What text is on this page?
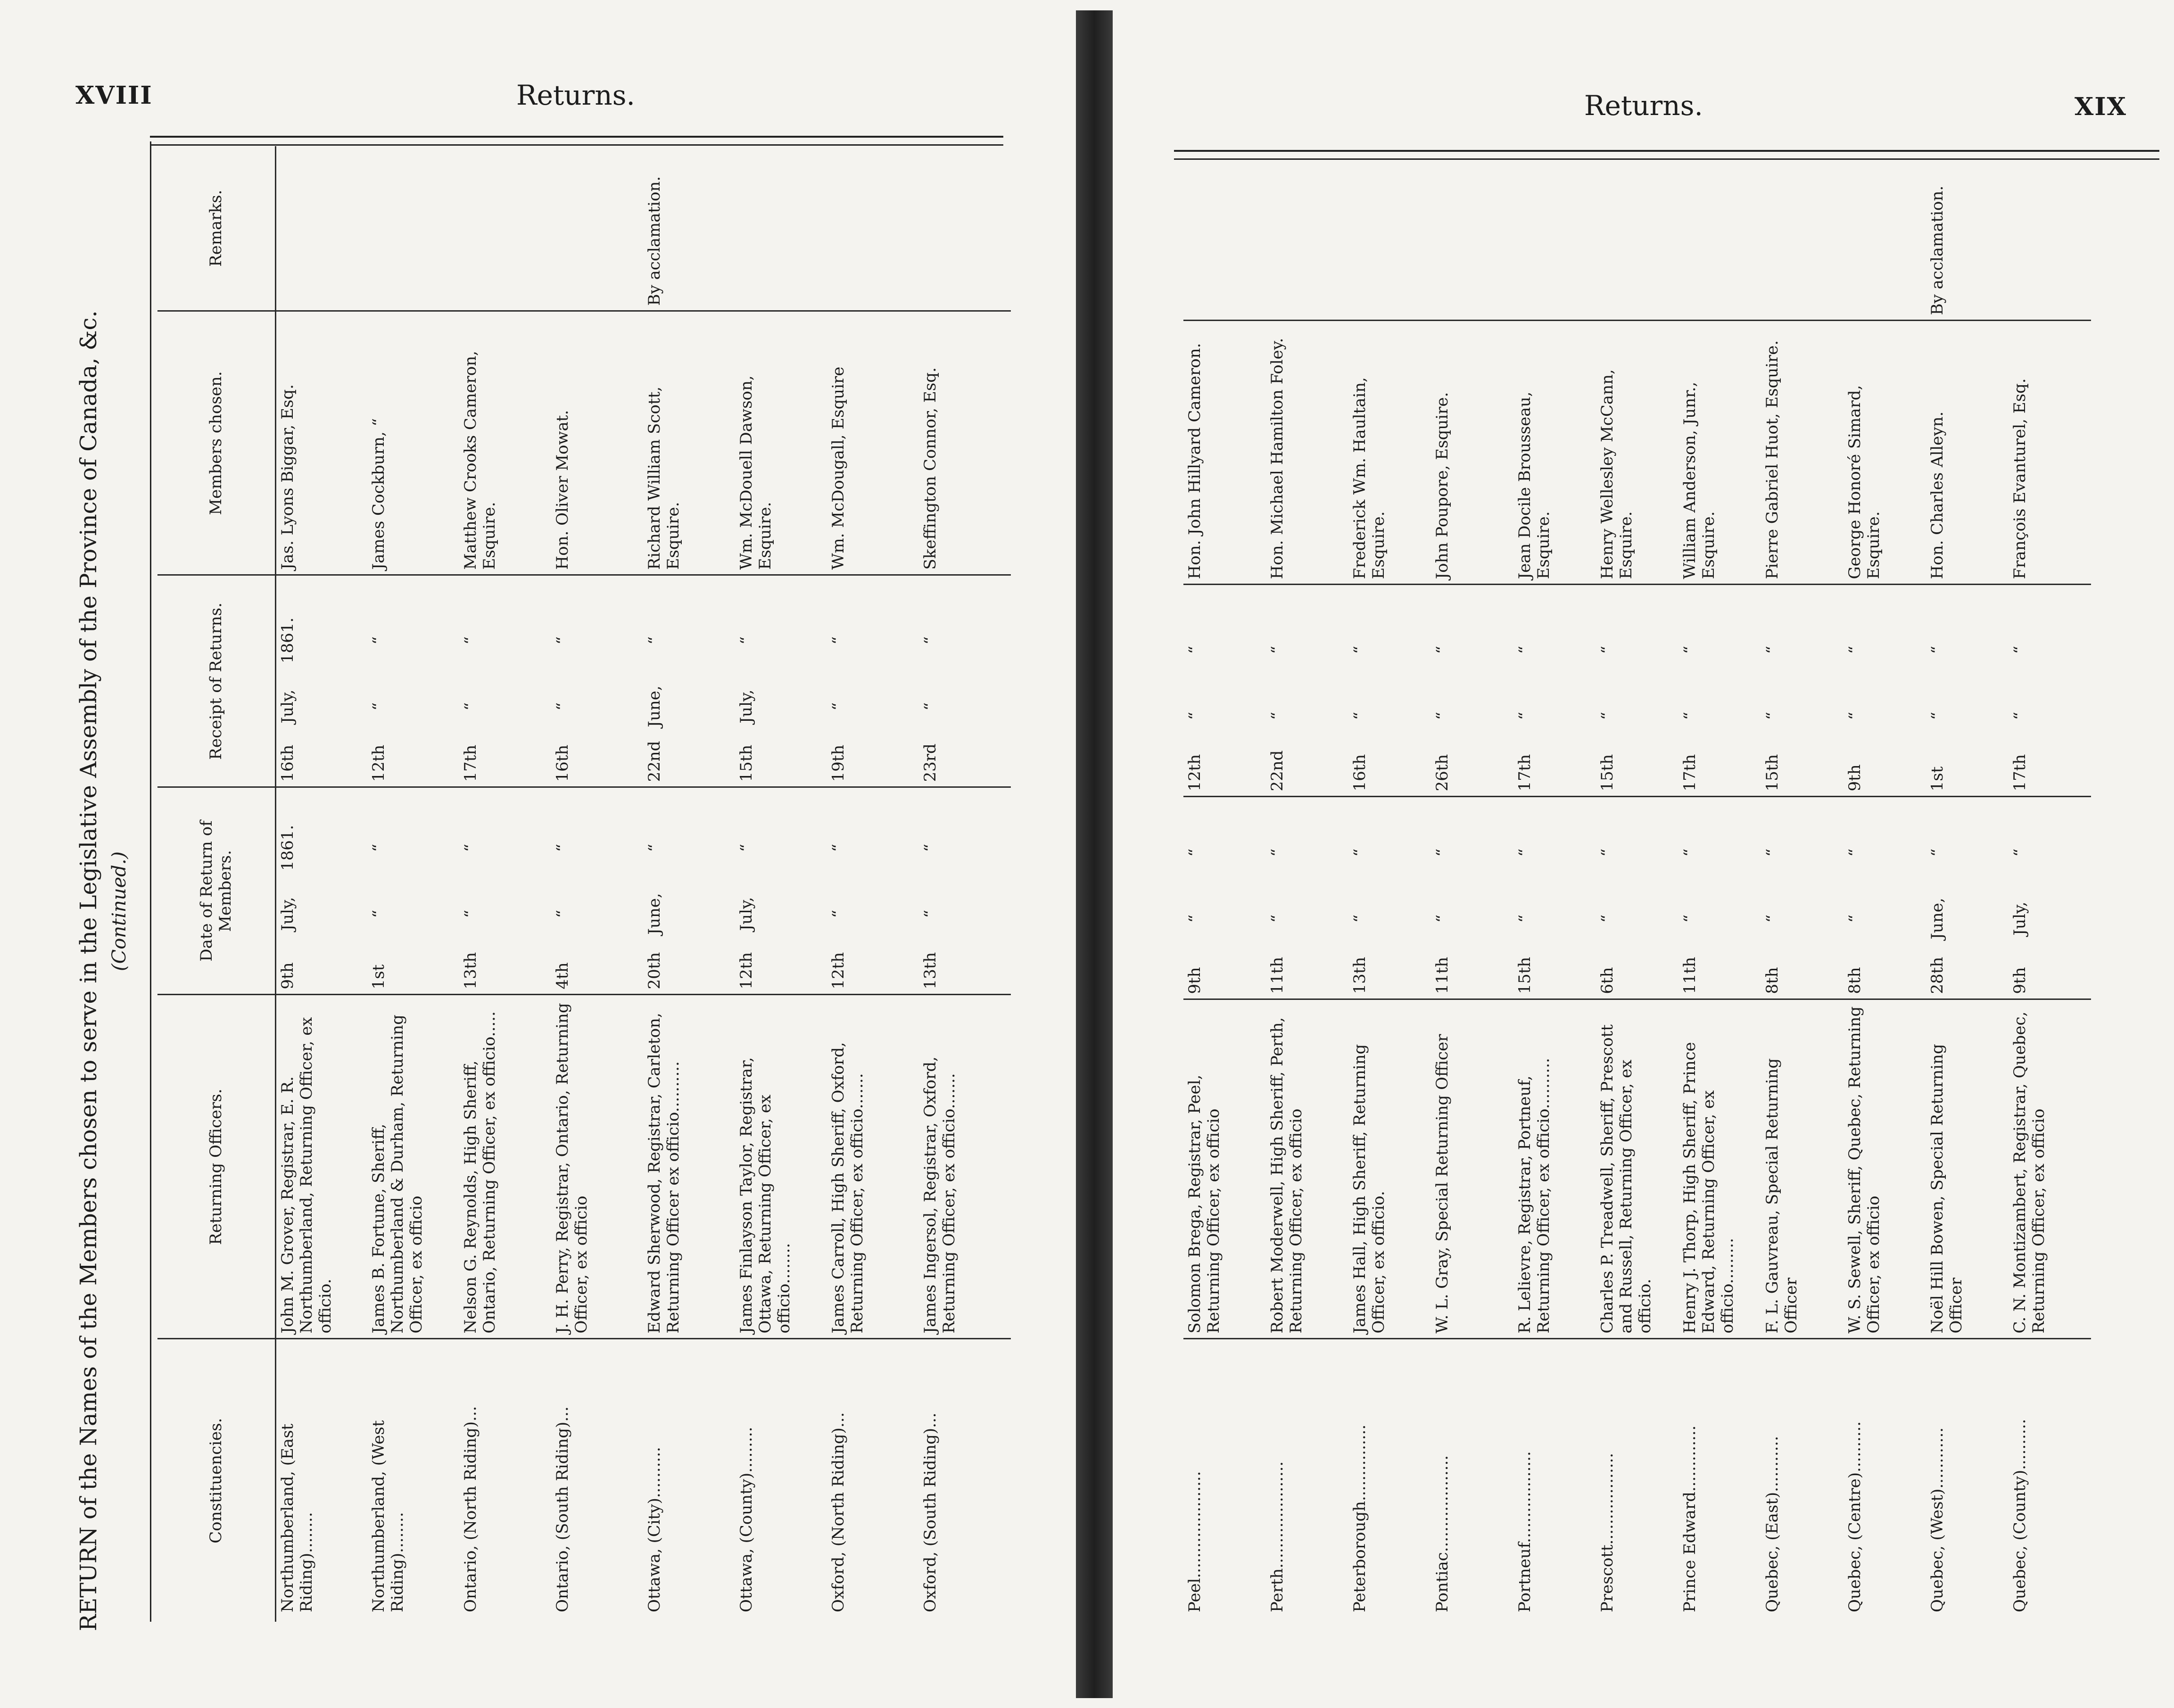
XVIII	Returns.
RETURN of the Names of the Members chosen to serve in the Legislative Assembly of the Province of Canada, &c. (Continued.)
Constituencies.	Returning Officers.	Date of Return of Members.	Receipt of Returns.	Members chosen.	Remarks.
Northumberland, (East Riding)........	John M. Grover, Registrar, E. R. Northumberland, Returning Officer, ex officio.	9thJuly,1861.	16thJuly,1861.	Jas. Lyons Biggar, Esq.	
Northumberland, (West Riding)........	James B. Fortune, Sheriff, Northumberland & Durham, Returning Officer, ex officio	1st““	12th““	James Cockburn, “	
Ontario, (North Riding)...	Nelson G. Reynolds, High Sheriff, Ontario, Returning Officer, ex officio.....	13th““	17th““	Matthew Crooks Cameron, Esquire.	
Ontario, (South Riding)...	J. H. Perry, Registrar, Ontario, Returning Officer, ex officio	4th““	16th““	Hon. Oliver Mowat.	
Ottawa, (City)..........	Edward Sherwood, Registrar, Carleton, Returning Officer ex officio..........	20thJune,“	22ndJune,“	Richard William Scott, Esquire.	By acclamation.
Ottawa, (County).........	James Finlayson Taylor, Registrar, Ottawa, Returning Officer, ex officio........	12thJuly,“	15thJuly,“	Wm. McDouell Dawson, Esquire.	
Oxford, (North Riding)...	James Carroll, High Sheriff, Oxford, Returning Officer, ex officio.......	12th““	19th““	Wm. McDougall, Esquire	
Oxford, (South Riding)...	James Ingersol, Registrar, Oxford, Returning Officer, ex officio.......	13th““	23rd““	Skeffington Connor, Esq.	
Returns.	XIX
Peel.....................	Solomon Brega, Registrar, Peel, Returning Officer, ex officio	9th““	12th““	Hon. John Hillyard Cameron.	
Perth.....................	Robert Moderwell, High Sheriff, Perth, Returning Officer, ex officio	11th““	22nd““	Hon. Michael Hamilton Foley.	
Peterborough...............	James Hall, High Sheriff, Returning Officer, ex officio.	13th““	16th““	Frederick Wm. Haultain, Esquire.	
Pontiac...................	W. L. Gray, Special Returning Officer	11th““	26th““	John Poupore, Esquire.	
Portneuf..................	R. Lelievre, Registrar, Portneuf, Returning Officer, ex officio..........	15th““	17th““	Jean Docile Brousseau, Esquire.	
Prescott..................	Charles P. Treadwell, Sheriff, Prescott and Russell, Returning Officer, ex officio.	6th““	15th““	Henry Wellesley McCann, Esquire.	
Prince Edward.............	Henry J. Thorp, High Sheriff, Prince Edward, Returning Officer, ex officio.........	11th““	17th““	William Anderson, Junr., Esquire.	
Quebec, (East)...........	F. L. Gauvreau, Special Returning Officer	8th““	15th““	Pierre Gabriel Huot, Esquire.	
Quebec, (Centre)..........	W. S. Sewell, Sheriff, Quebec, Returning Officer, ex officio	8th““	9th““	George Honoré Simard, Esquire.	
Quebec, (West)............	Noël Hill Bowen, Special Returning Officer	28thJune,“	1st““	Hon. Charles Alleyn.	By acclamation.
Quebec, (County)..........	C. N. Montizambert, Registrar, Quebec, Returning Officer, ex officio	9thJuly,“	17th““	François Evanturel, Esq.	
